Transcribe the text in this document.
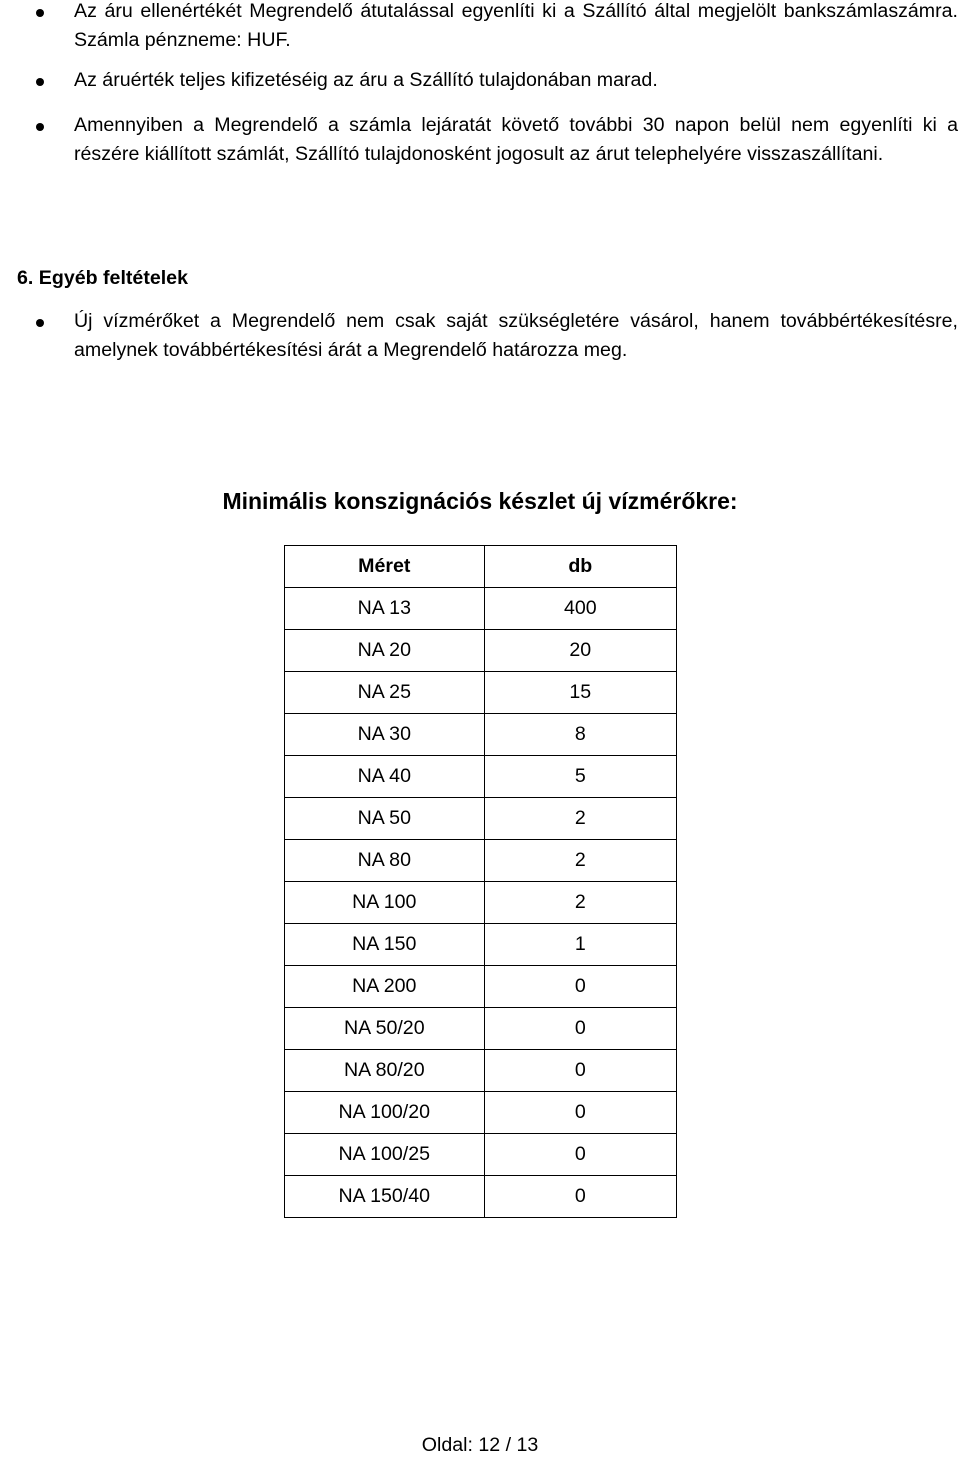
Az áru ellenértékét Megrendelő átutalással egyenlíti ki a Szállító által megjelölt bankszámlaszámra. Számla pénzneme: HUF.
Az áruérték teljes kifizetéséig az áru a Szállító tulajdonában marad.
Amennyiben a Megrendelő a számla lejáratát követő további 30 napon belül nem egyenlíti ki a részére kiállított számlát, Szállító tulajdonosként jogosult az árut telephelyére visszaszállítani.
6. Egyéb feltételek
Új vízmérőket a Megrendelő nem csak saját szükségletére vásárol, hanem továbbértékesítésre, amelynek továbbértékesítési árát a Megrendelő határozza meg.
Minimális konszignációs készlet új vízmérőkre:
Méret	db
NA 13	400
NA 20	20
NA 25	15
NA 30	8
NA 40	5
NA 50	2
NA 80	2
NA 100	2
NA 150	1
NA 200	0
NA 50/20	0
NA 80/20	0
NA 100/20	0
NA 100/25	0
NA 150/40	0
Oldal: 12 / 13
